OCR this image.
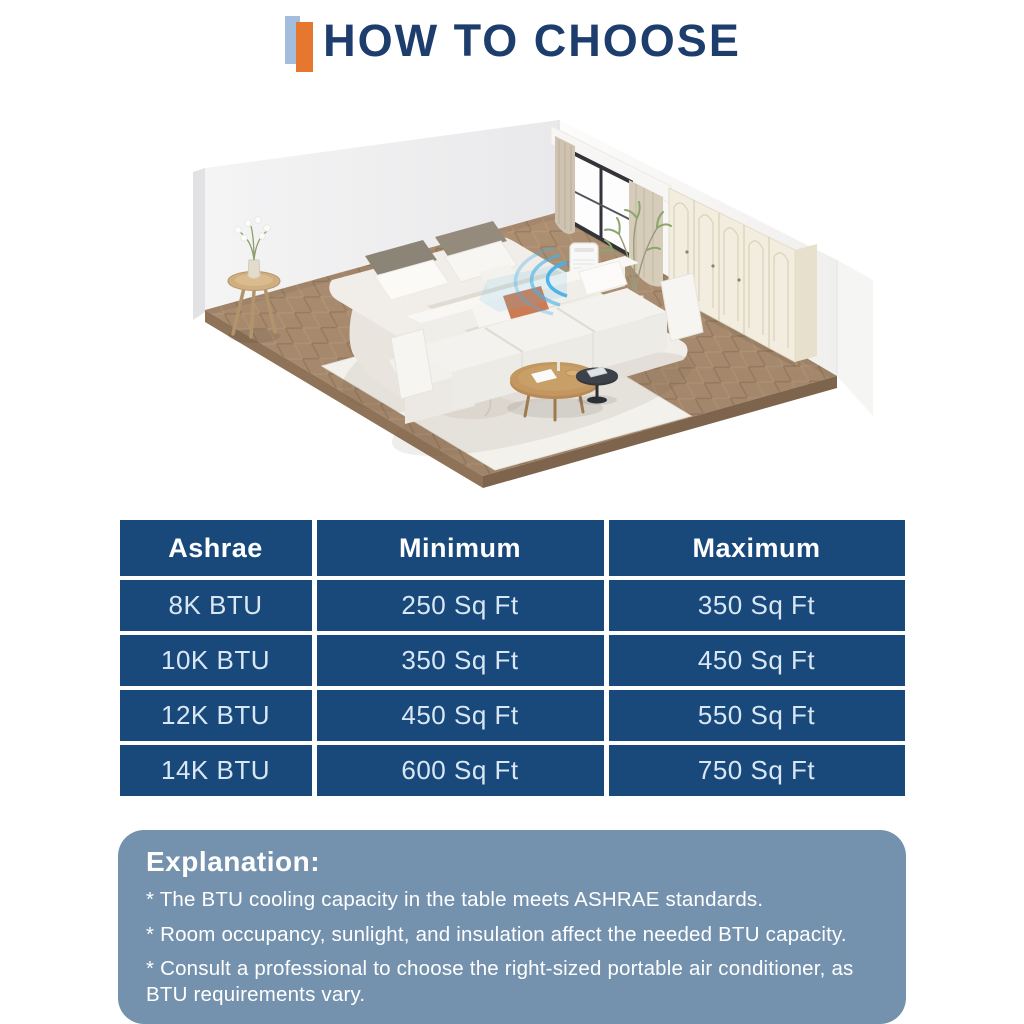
HOW TO CHOOSE
Ashrae	Minimum	Maximum
8K BTU	250 Sq Ft	350 Sq Ft
10K BTU	350 Sq Ft	450 Sq Ft
12K BTU	450 Sq Ft	550 Sq Ft
14K BTU	600 Sq Ft	750 Sq Ft
Explanation:

* The BTU cooling capacity in the table meets ASHRAE standards.

* Room occupancy, sunlight, and insulation affect the needed BTU capacity.

* Consult a professional to choose the right-sized portable air conditioner, as BTU requirements vary.
